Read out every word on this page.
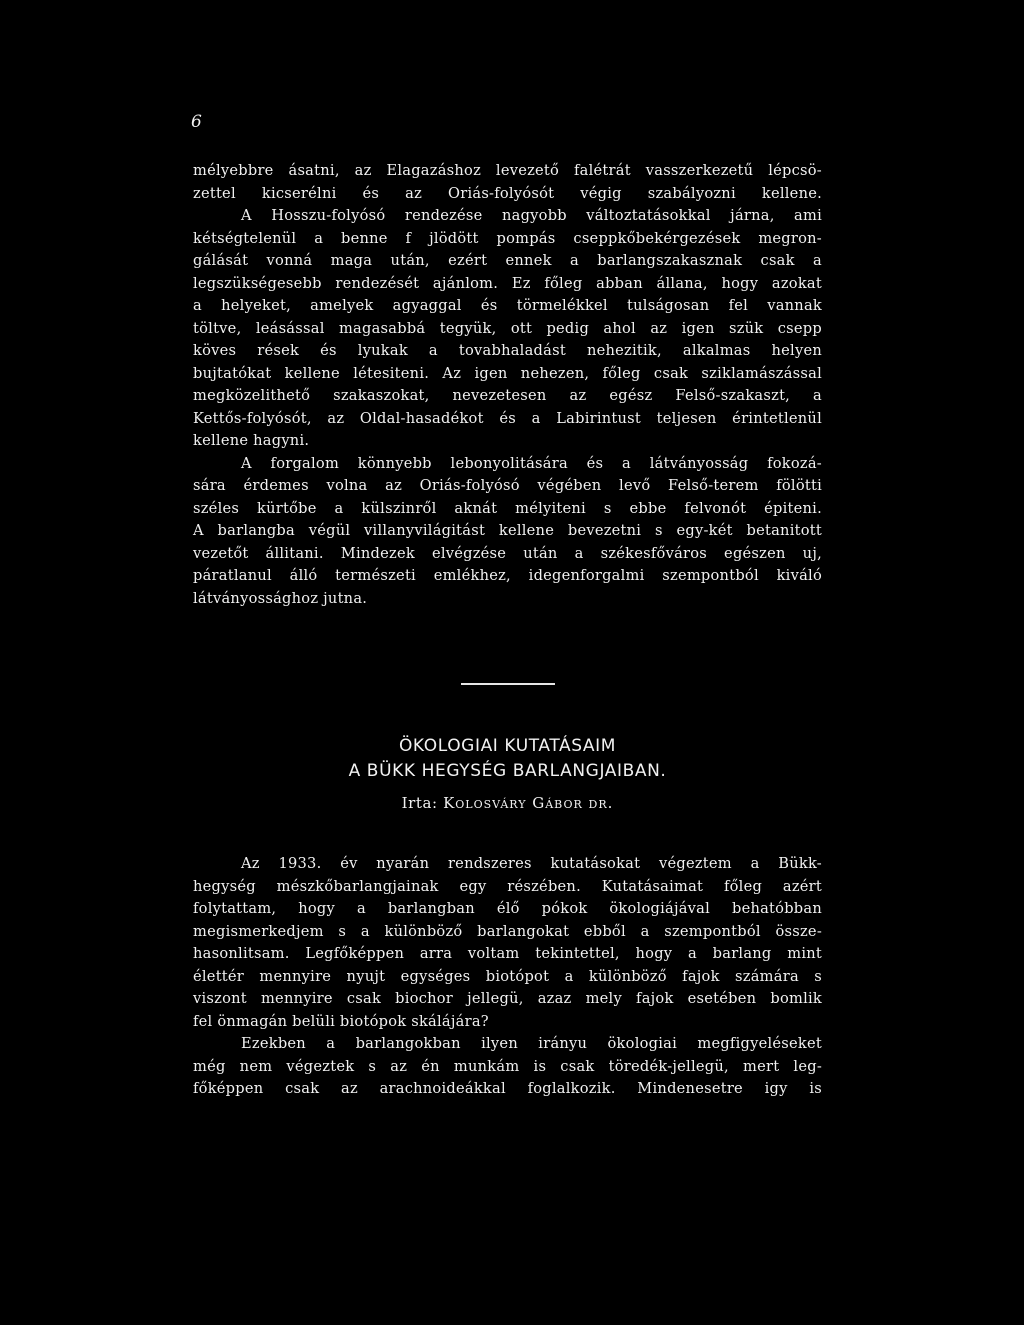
6
mélyebbre ásatni, az Elagazáshoz levezető falétrát vasszerkezetű lépcsö-
zettel kicserélni és az Oriás-folyósót végig szabályozni kellene.
A Hosszu-folyósó rendezése nagyobb változtatásokkal járna, ami
kétségtelenül a benne f jlödött pompás cseppkőbekérgezések megron-
gálását vonná maga után, ezért ennek a barlangszakasznak csak a
legszükségesebb rendezését ajánlom. Ez főleg abban állana, hogy azokat
a helyeket, amelyek agyaggal és törmelékkel tulságosan fel vannak
töltve, leásással magasabbá tegyük, ott pedig ahol az igen szük csepp
köves rések és lyukak a tovabhaladást nehezitik, alkalmas helyen
bujtatókat kellene létesiteni. Az igen nehezen, főleg csak sziklamászással
megközelithető szakaszokat, nevezetesen az egész Felső-szakaszt, a
Kettős-folyósót, az Oldal-hasadékot és a Labirintust teljesen érintetlenül
kellene hagyni.
A forgalom könnyebb lebonyolitására és a látványosság fokozá-
sára érdemes volna az Oriás-folyósó végében levő Felső-terem fölötti
széles kürtőbe a külszinről aknát mélyiteni s ebbe felvonót épiteni.
A barlangba végül villanyvilágitást kellene bevezetni s egy-két betanitott
vezetőt állitani. Mindezek elvégzése után a székesfőváros egészen uj,
páratlanul álló természeti emlékhez, idegenforgalmi szempontból kiváló
látványossághoz jutna.
ÖKOLOGIAI KUTATÁSAIM
A BÜKK HEGYSÉG BARLANGJAIBAN.
Irta: Kolosváry Gábor dr.
Az 1933. év nyarán rendszeres kutatásokat végeztem a Bükk-
hegység mészkőbarlangjainak egy részében. Kutatásaimat főleg azért
folytattam, hogy a barlangban élő pókok ökologiájával behatóbban
megismerkedjem s a különböző barlangokat ebből a szempontból össze-
hasonlitsam. Legfőképpen arra voltam tekintettel, hogy a barlang mint
élettér mennyire nyujt egységes biotópot a különböző fajok számára s
viszont mennyire csak biochor jellegü, azaz mely fajok esetében bomlik
fel önmagán belüli biotópok skálájára?
Ezekben a barlangokban ilyen irányu ökologiai megfigyeléseket
még nem végeztek s az én munkám is csak töredék-jellegü, mert leg-
főképpen csak az arachnoideákkal foglalkozik. Mindenesetre igy is
